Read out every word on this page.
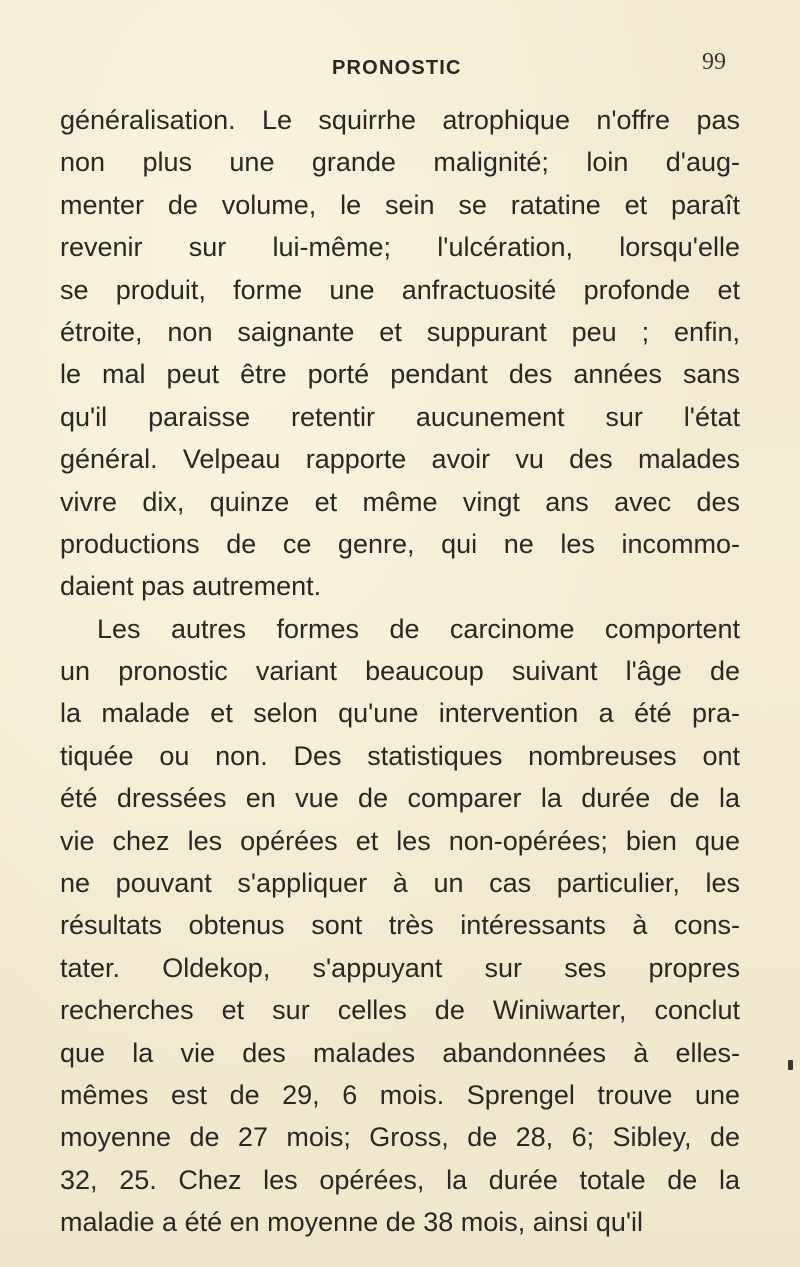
PRONOSTIC	99
généralisation. Le squirrhe atrophique n'offre pas
non plus une grande malignité; loin d'aug-
menter de volume, le sein se ratatine et paraît
revenir sur lui-même; l'ulcération, lorsqu'elle
se produit, forme une anfractuosité profonde et
étroite, non saignante et suppurant peu ; enfin,
le mal peut être porté pendant des années sans
qu'il paraisse retentir aucunement sur l'état
général. Velpeau rapporte avoir vu des malades
vivre dix, quinze et même vingt ans avec des
productions de ce genre, qui ne les incommo-
daient pas autrement.
Les autres formes de carcinome comportent
un pronostic variant beaucoup suivant l'âge de
la malade et selon qu'une intervention a été pra-
tiquée ou non. Des statistiques nombreuses ont
été dressées en vue de comparer la durée de la
vie chez les opérées et les non-opérées; bien que
ne pouvant s'appliquer à un cas particulier, les
résultats obtenus sont très intéressants à cons-
tater. Oldekop, s'appuyant sur ses propres
recherches et sur celles de Winiwarter, conclut
que la vie des malades abandonnées à elles-
mêmes est de 29, 6 mois. Sprengel trouve une
moyenne de 27 mois; Gross, de 28, 6; Sibley, de
32, 25. Chez les opérées, la durée totale de la
maladie a été en moyenne de 38 mois, ainsi qu'il
